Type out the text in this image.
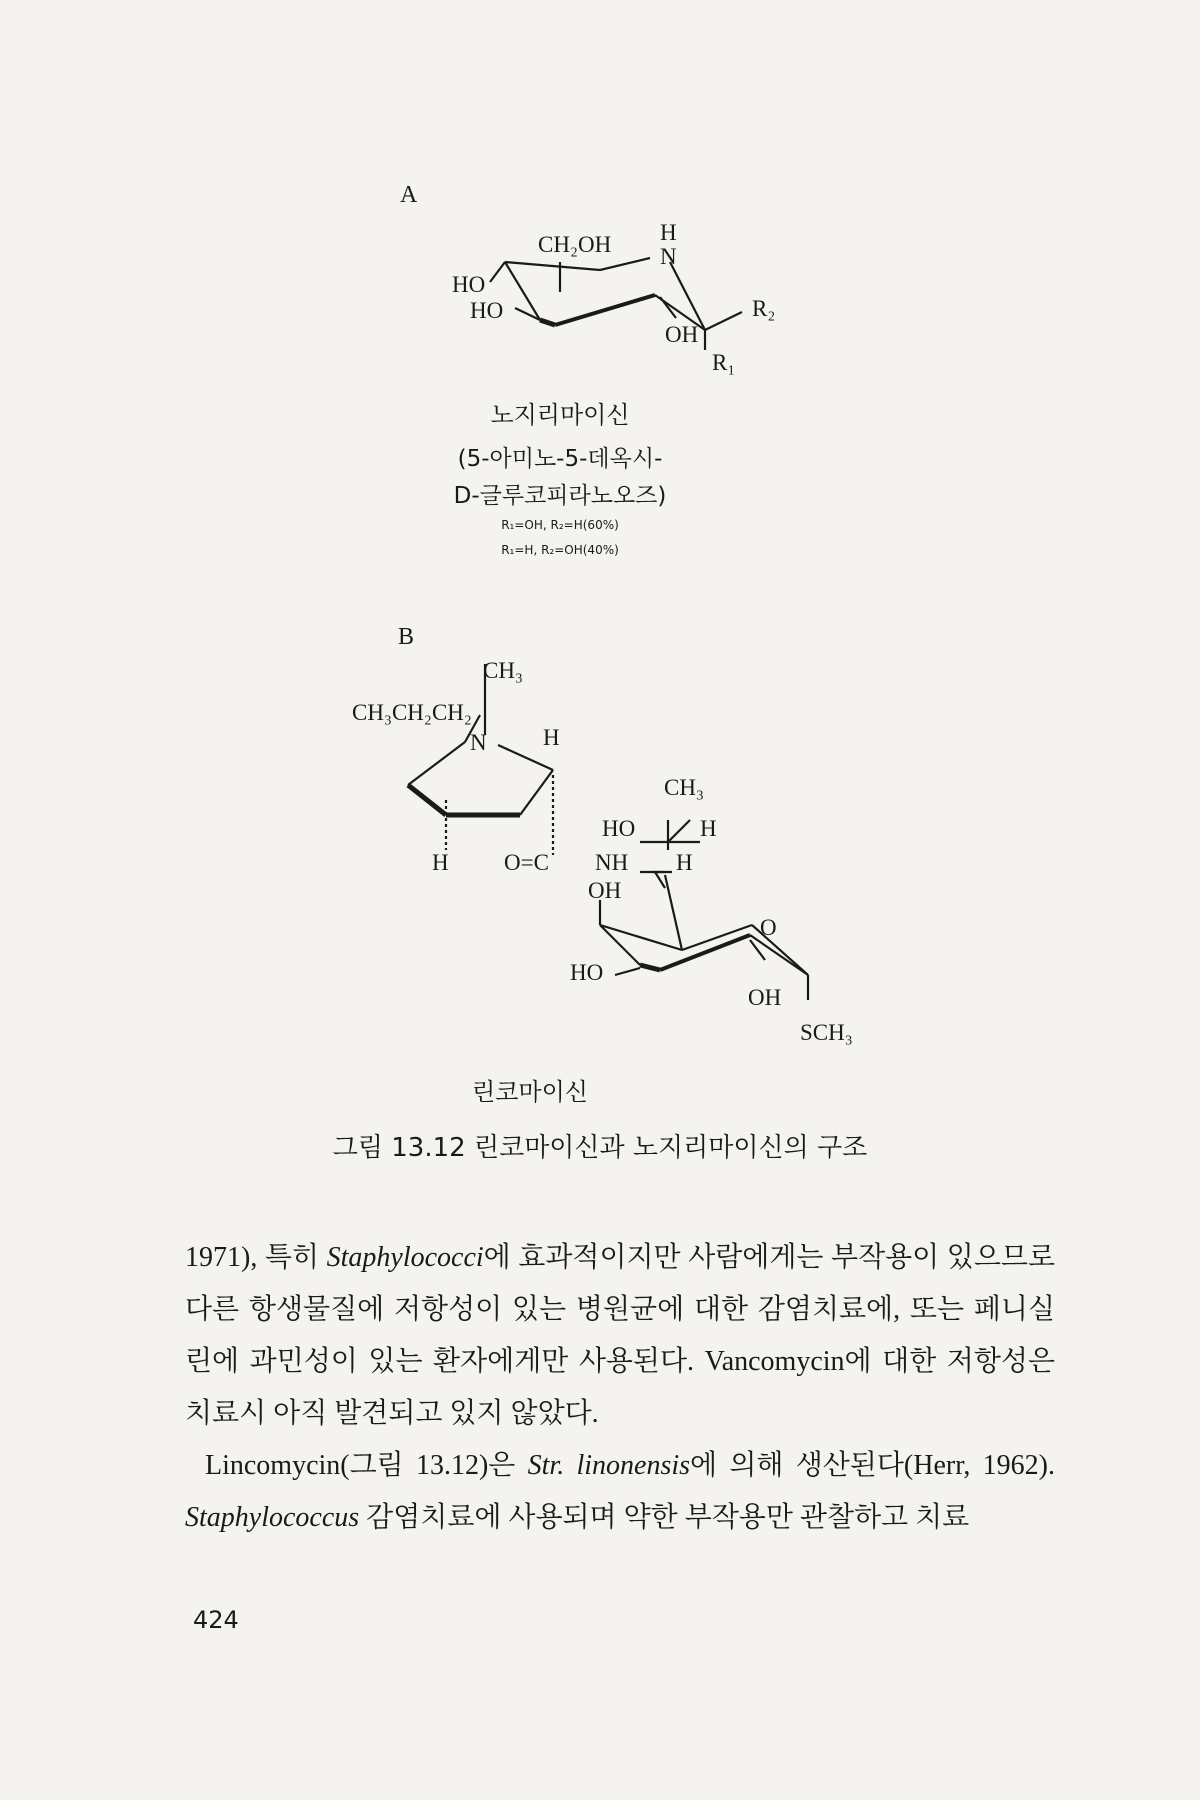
A
CH₂OH H
N
HO
HO
OH
R₂
R₁
노지리마이신
(5-아미노-5-데옥시-
D-글루코피라노오즈)
R₁=OH, R₂=H(60%)
R₁=H, R₂=OH(40%)
B
CH₃
CH₃CH₂CH₂
N H
CH₃
HO	H
H O=C NH H
OH
O
HO
OH
SCH₃
린코마이신
그림 13.12 린코마이신과 노지리마이신의 구조

1971), 특히 Staphylococci에 효과적이지만 사람에게는 부작용이 있으므로 다른 항생물질에 저항성이 있는 병원균에 대한 감염치료에, 또는 페니실린에 과민성이 있는 환자에게만 사용된다. Vancomycin에 대한 저항성은 치료시 아직 발견되고 있지 않았다.

Lincomycin(그림 13.12)은 Str. linonensis에 의해 생산된다(Herr, 1962). Staphylococcus 감염치료에 사용되며 약한 부작용만 관찰하고 치료

424
